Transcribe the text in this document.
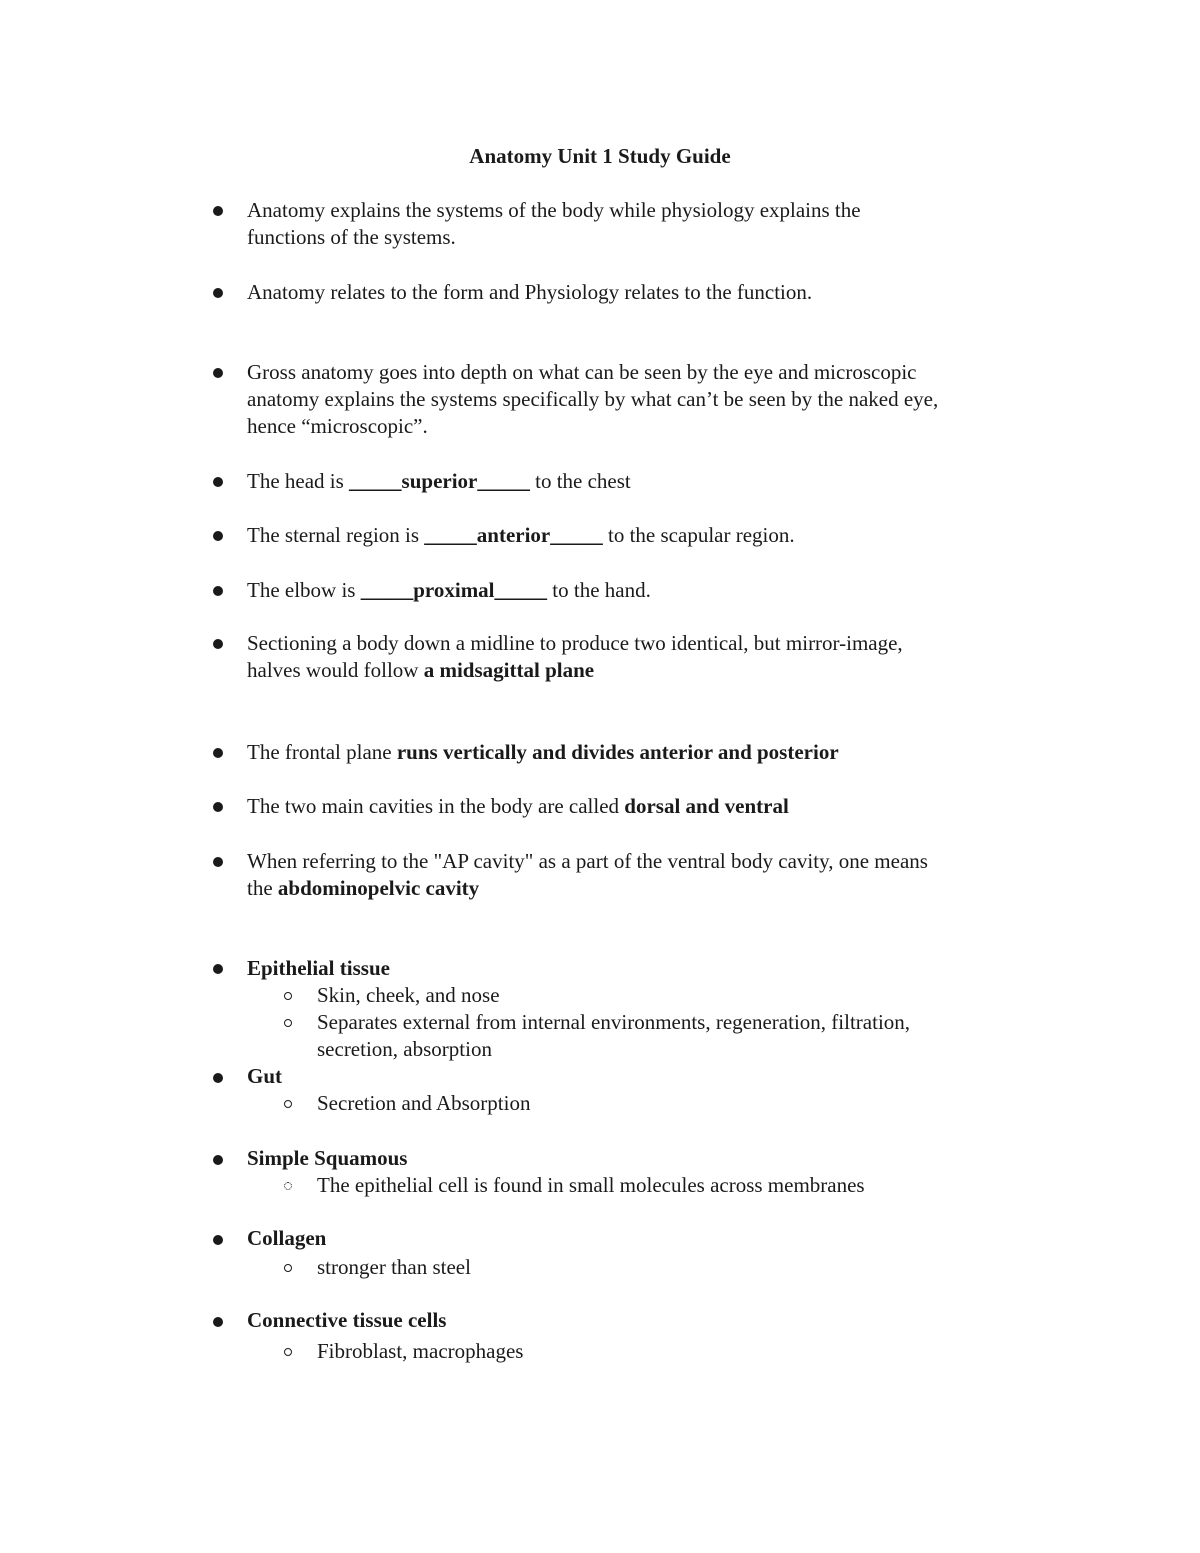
Anatomy Unit 1 Study Guide
Anatomy explains the systems of the body while physiology explains the
functions of the systems.
Anatomy relates to the form and Physiology relates to the function.
Gross anatomy goes into depth on what can be seen by the eye and microscopic
anatomy explains the systems specifically by what can’t be seen by the naked eye,
hence “microscopic”.
The head is _____superior_____ to the chest
The sternal region is _____anterior_____ to the scapular region.
The elbow is _____proximal_____ to the hand.
Sectioning a body down a midline to produce two identical, but mirror-image,
halves would follow a midsagittal plane
The frontal plane runs vertically and divides anterior and posterior
The two main cavities in the body are called dorsal and ventral
When referring to the "AP cavity" as a part of the ventral body cavity, one means
the abdominopelvic cavity
Epithelial tissue
Skin, cheek, and nose
Separates external from internal environments, regeneration, filtration,
secretion, absorption
Gut
Secretion and Absorption
Simple Squamous
The epithelial cell is found in small molecules across membranes
Collagen
stronger than steel
Connective tissue cells
Fibroblast, macrophages
